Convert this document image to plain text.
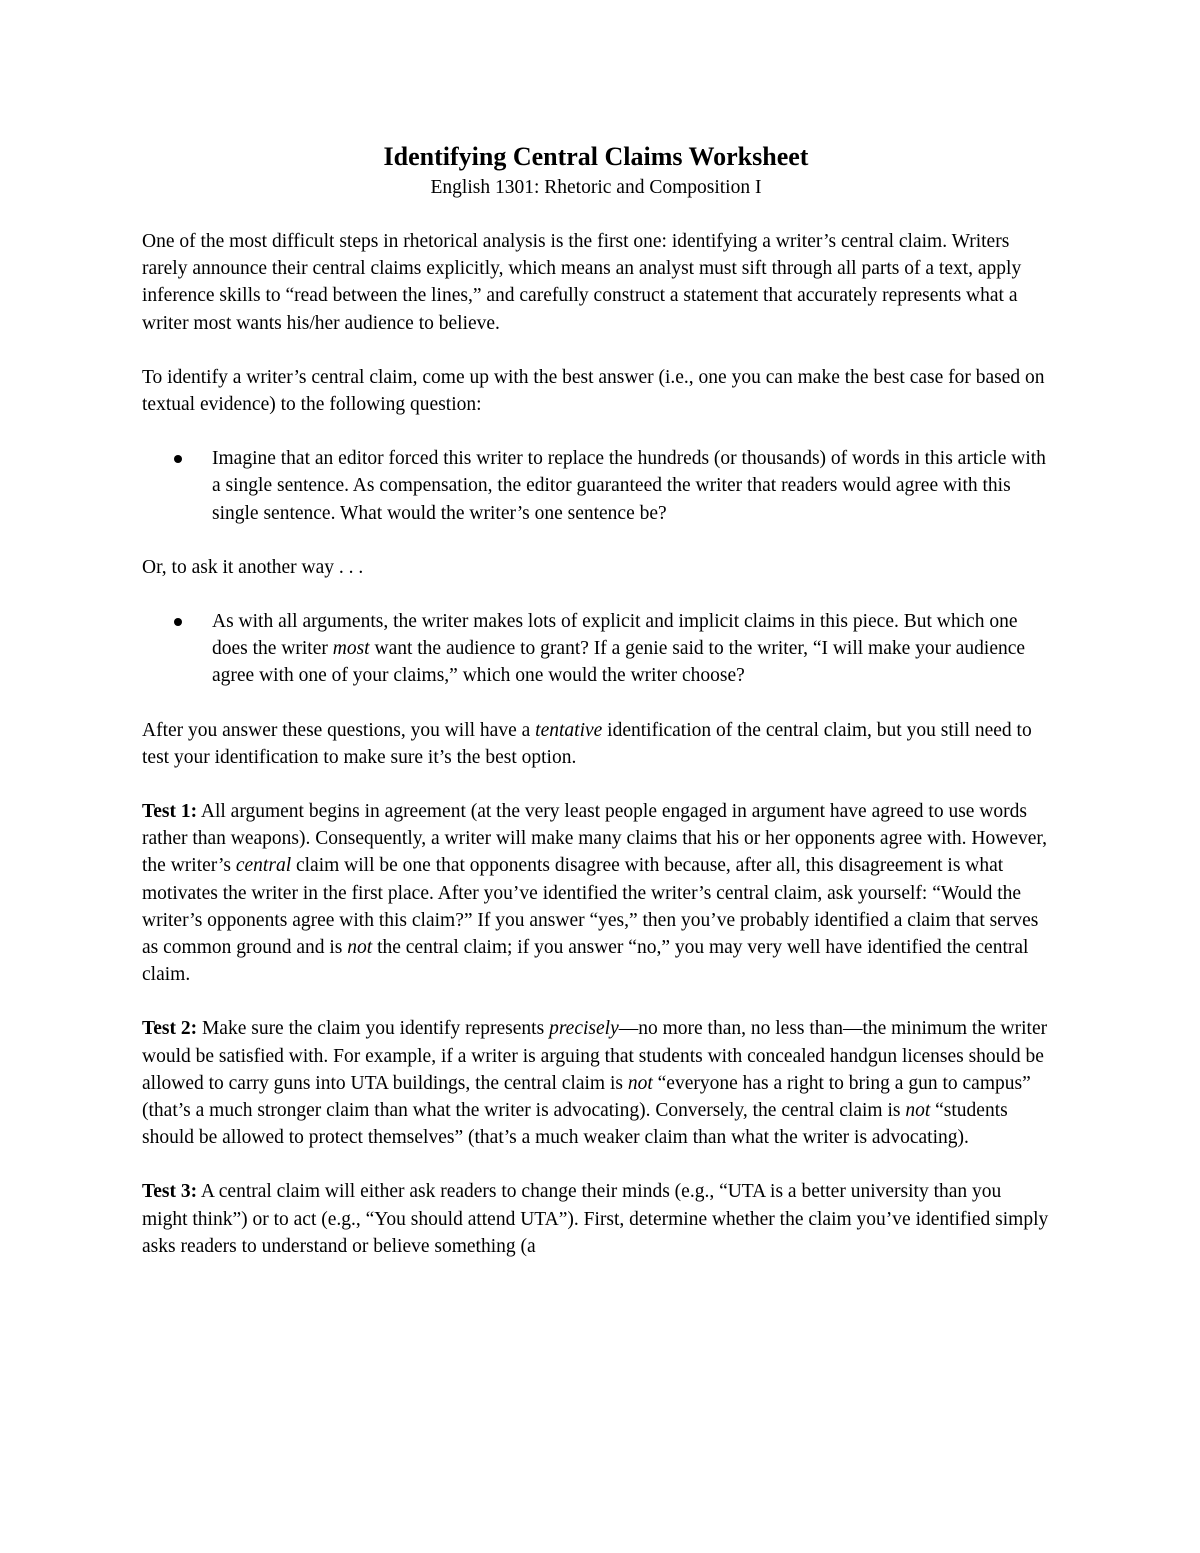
Identifying Central Claims Worksheet
English 1301: Rhetoric and Composition I

One of the most difficult steps in rhetorical analysis is the first one: identifying a writer’s central claim. Writers rarely announce their central claims explicitly, which means an analyst must sift through all parts of a text, apply inference skills to “read between the lines,” and carefully construct a statement that accurately represents what a writer most wants his/her audience to believe.

To identify a writer’s central claim, come up with the best answer (i.e., one you can make the best case for based on textual evidence) to the following question:

Imagine that an editor forced this writer to replace the hundreds (or thousands) of words in this article with a single sentence. As compensation, the editor guaranteed the writer that readers would agree with this single sentence. What would the writer’s one sentence be?

Or, to ask it another way . . .

As with all arguments, the writer makes lots of explicit and implicit claims in this piece. But which one does the writer most want the audience to grant? If a genie said to the writer, “I will make your audience agree with one of your claims,” which one would the writer choose?

After you answer these questions, you will have a tentative identification of the central claim, but you still need to test your identification to make sure it’s the best option.

Test 1: All argument begins in agreement (at the very least people engaged in argument have agreed to use words rather than weapons). Consequently, a writer will make many claims that his or her opponents agree with. However, the writer’s central claim will be one that opponents disagree with because, after all, this disagreement is what motivates the writer in the first place. After you’ve identified the writer’s central claim, ask yourself: “Would the writer’s opponents agree with this claim?” If you answer “yes,” then you’ve probably identified a claim that serves as common ground and is not the central claim; if you answer “no,” you may very well have identified the central claim.

Test 2: Make sure the claim you identify represents precisely—no more than, no less than—the minimum the writer would be satisfied with. For example, if a writer is arguing that students with concealed handgun licenses should be allowed to carry guns into UTA buildings, the central claim is not “everyone has a right to bring a gun to campus” (that’s a much stronger claim than what the writer is advocating). Conversely, the central claim is not “students should be allowed to protect themselves” (that’s a much weaker claim than what the writer is advocating).

Test 3: A central claim will either ask readers to change their minds (e.g., “UTA is a better university than you might think”) or to act (e.g., “You should attend UTA”). First, determine whether the claim you’ve identified simply asks readers to understand or believe something (a
